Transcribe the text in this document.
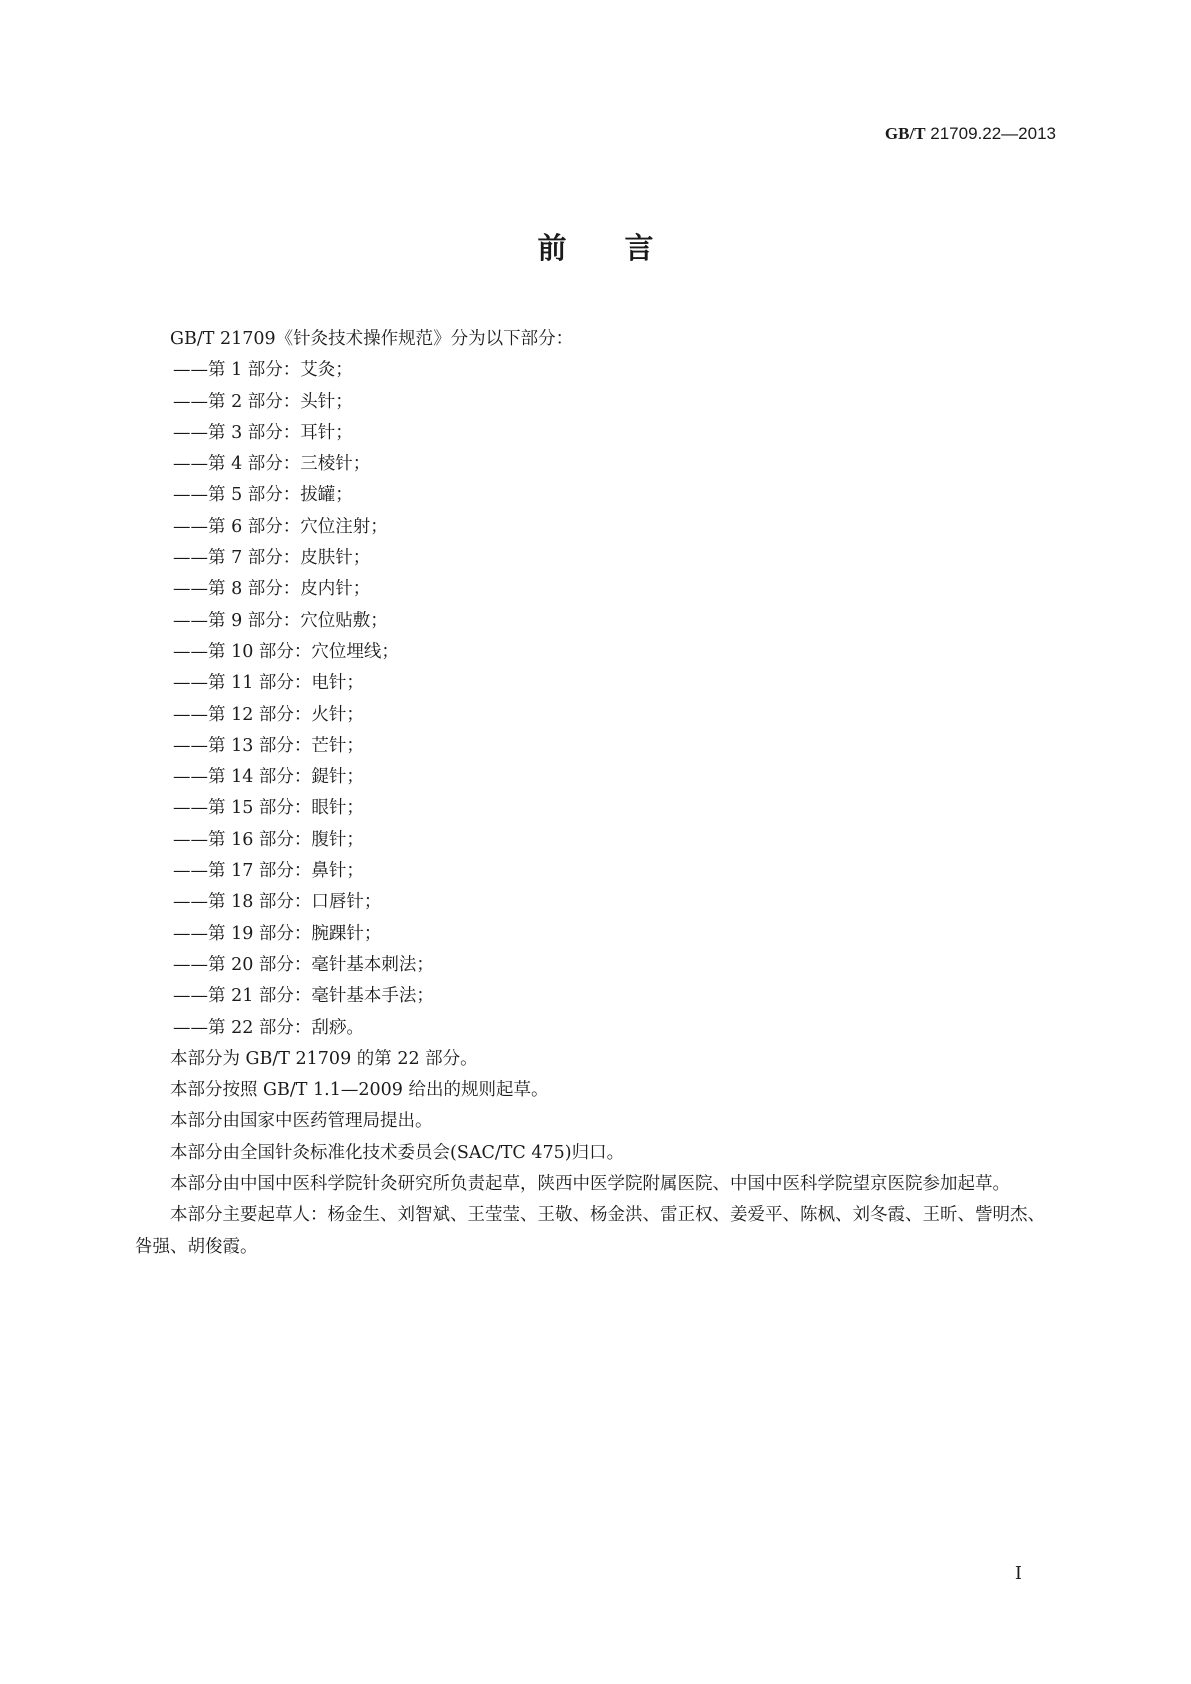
GB/T 21709.22—2013
前言

GB/T 21709《针灸技术操作规范》分为以下部分：

——第 1 部分：艾灸；

——第 2 部分：头针；

——第 3 部分：耳针；

——第 4 部分：三棱针；

——第 5 部分：拔罐；

——第 6 部分：穴位注射；

——第 7 部分：皮肤针；

——第 8 部分：皮内针；

——第 9 部分：穴位贴敷；

——第 10 部分：穴位埋线；

——第 11 部分：电针；

——第 12 部分：火针；

——第 13 部分：芒针；

——第 14 部分：鍉针；

——第 15 部分：眼针；

——第 16 部分：腹针；

——第 17 部分：鼻针；

——第 18 部分：口唇针；

——第 19 部分：腕踝针；

——第 20 部分：毫针基本刺法；

——第 21 部分：毫针基本手法；

——第 22 部分：刮痧。

本部分为 GB/T 21709 的第 22 部分。

本部分按照 GB/T 1.1—2009 给出的规则起草。

本部分由国家中医药管理局提出。

本部分由全国针灸标准化技术委员会(SAC/TC 475)归口。

本部分由中国中医科学院针灸研究所负责起草，陕西中医学院附属医院、中国中医科学院望京医院参加起草。

本部分主要起草人：杨金生、刘智斌、王莹莹、王敬、杨金洪、雷正权、姜爱平、陈枫、刘冬霞、王昕、訾明杰、咎强、胡俊霞。

I
